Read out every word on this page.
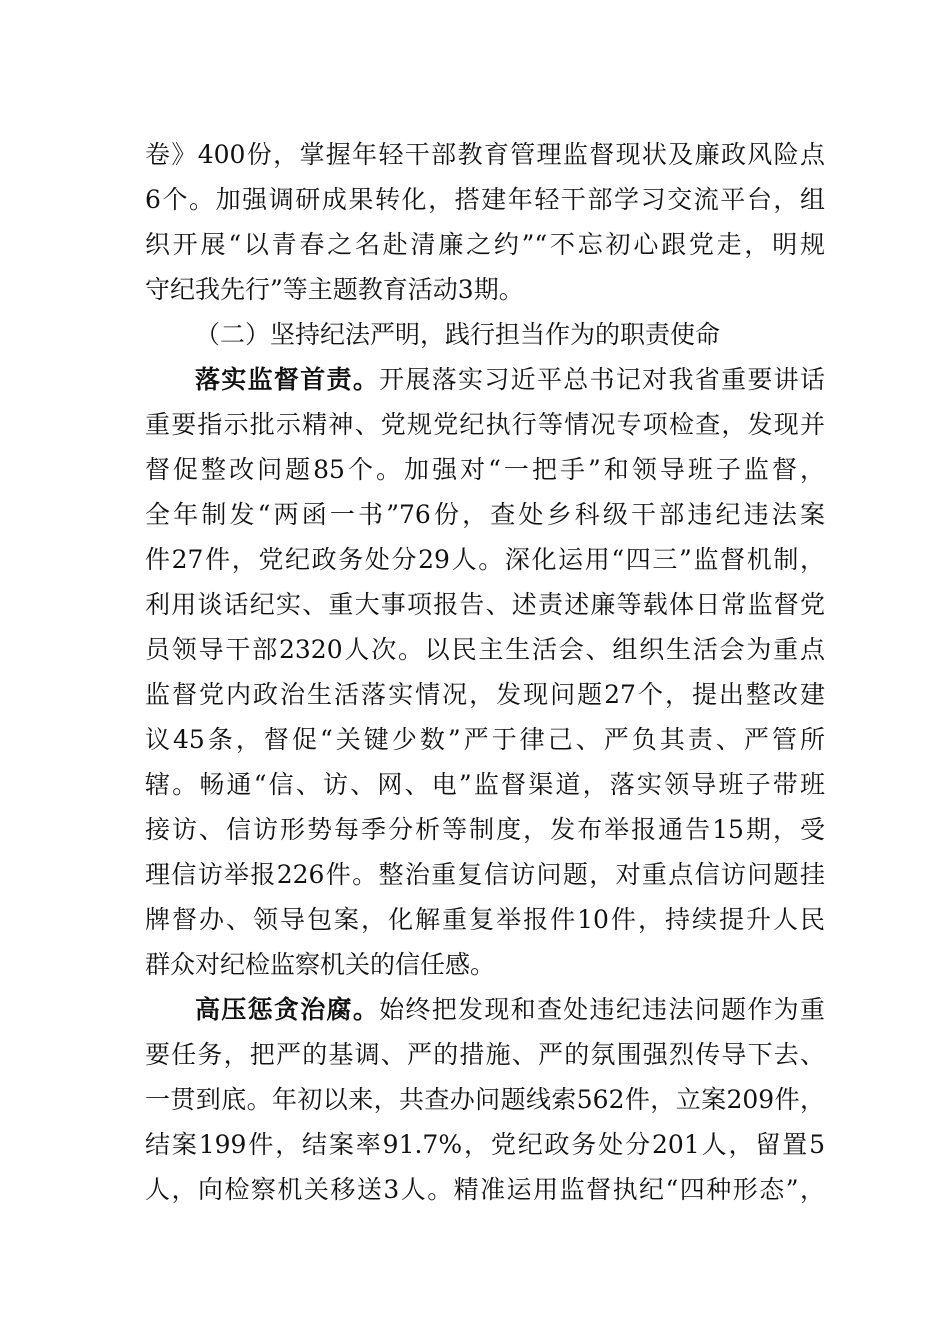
卷》400份，掌握年轻干部教育管理监督现状及廉政风险点
6个。加强调研成果转化，搭建年轻干部学习交流平台，组
织开展“以青春之名赴清廉之约”“不忘初心跟党走，明规
守纪我先行”等主题教育活动3期。
（二）坚持纪法严明，践行担当作为的职责使命
落实监督首责。开展落实习近平总书记对我省重要讲话
重要指示批示精神、党规党纪执行等情况专项检查，发现并
督促整改问题85个。加强对“一把手”和领导班子监督，
全年制发“两函一书”76份，查处乡科级干部违纪违法案
件27件，党纪政务处分29人。深化运用“四三”监督机制，
利用谈话纪实、重大事项报告、述责述廉等载体日常监督党
员领导干部2320人次。以民主生活会、组织生活会为重点
监督党内政治生活落实情况，发现问题27个，提出整改建
议45条，督促“关键少数”严于律己、严负其责、严管所
辖。畅通“信、访、网、电”监督渠道，落实领导班子带班
接访、信访形势每季分析等制度，发布举报通告15期，受
理信访举报226件。整治重复信访问题，对重点信访问题挂
牌督办、领导包案，化解重复举报件10件，持续提升人民
群众对纪检监察机关的信任感。
高压惩贪治腐。始终把发现和查处违纪违法问题作为重
要任务，把严的基调、严的措施、严的氛围强烈传导下去、
一贯到底。年初以来，共查办问题线索562件，立案209件，
结案199件，结案率91.7%，党纪政务处分201人，留置5
人，向检察机关移送3人。精准运用监督执纪“四种形态”，
